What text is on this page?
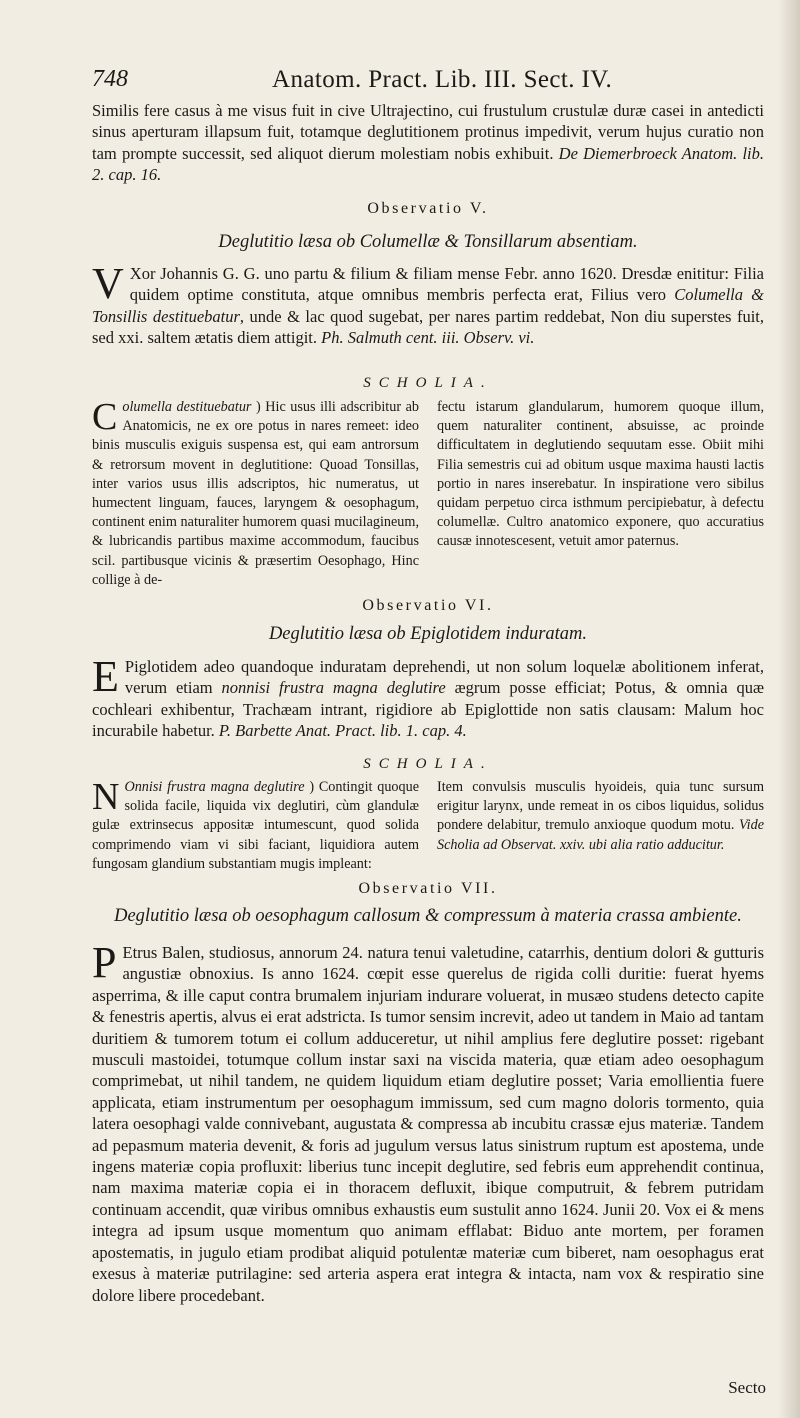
748	Anatom. Pract. Lib. III. Sect. IV.

Similis fere casus à me visus fuit in cive Ultrajectino, cui frustulum crustulæ duræ casei in antedicti sinus aperturam illapsum fuit, totamque deglutitionem protinus impedivit, verum hujus curatio non tam prompte successit, sed aliquot dierum molestiam nobis exhibuit. De Diemerbroeck Anatom. lib. 2. cap. 16.

Observatio V.
Deglutitio læsa ob Columellæ & Tonsillarum absentiam.

V Xor Johannis G. G. uno partu & filium & filiam mense Febr. anno 1620. Dresdæ enititur: Filia quidem optime constituta, atque omnibus membris perfecta erat, Filius vero Columella & Tonsillis destituebatur, unde & lac quod sugebat, per nares partim reddebat, Non diu superstes fuit, sed xxi. saltem ætatis diem attigit. Ph. Salmuth cent. iii. Observ. vi.

SCHOLIA.

Columella destituebatur ) Hic usus illi adscribitur ab Anatomicis, ne ex ore potus in nares remeet: ideo binis musculis exiguis suspensa est, qui eam antrorsum & retrorsum movent in deglutitione: Quoad Tonsillas, inter varios usus illis adscriptos, hic numeratus, ut humectent linguam, fauces, laryngem & oesophagum, continent enim naturaliter humorem quasi mucilagineum, & lubricandis partibus maxime accommodum, faucibus scil. partibusque vicinis & præsertim Oesophago, Hinc collige à de-

fectu istarum glandularum, humorem quoque illum, quem naturaliter continent, absuisse, ac proinde difficultatem in deglutiendo sequutam esse. Obiit mihi Filia semestris cui ad obitum usque maxima hausti lactis portio in nares inserebatur. In inspiratione vero sibilus quidam perpetuo circa isthmum percipiebatur, à defectu columellæ. Cultro anatomico exponere, quo accuratius causæ innotescesent, vetuit amor paternus.

Observatio VI.
Deglutitio læsa ob Epiglotidem induratam.

E Piglotidem adeo quandoque induratam deprehendi, ut non solum loquelæ abolitionem inferat, verum etiam nonnisi frustra magna deglutire ægrum posse efficiat; Potus, & omnia quæ cochleari exhibentur, Trachæam intrant, rigidiore ab Epiglottide non satis clausam: Malum hoc incurabile habetur. P. Barbette Anat. Pract. lib. 1. cap. 4.

SCHOLIA.

N Onnisi frustra magna deglutire ) Contingit quoque solida facile, liquida vix deglutiri, cùm glandulæ gulæ extrinsecus appositæ intumescunt, quod solida comprimendo viam vi sibi faciant, liquidiora autem fungosam glandium substantiam mugis impleant:

Item convulsis musculis hyoideis, quia tunc sursum erigitur larynx, unde remeat in os cibos liquidus, solidus pondere delabitur, tremulo anxioque quodum motu. Vide Scholia ad Observat. xxiv. ubi alia ratio adducitur.

Observatio VII.
Deglutitio læsa ob oesophagum callosum & compressum à materia crassa ambiente.

P Etrus Balen, studiosus, annorum 24. natura tenui valetudine, catarrhis, dentium dolori & gutturis angustiæ obnoxius. Is anno 1624. cœpit esse querelus de rigida colli duritie: fuerat hyems asperrima, & ille caput contra brumalem injuriam indurare voluerat, in musæo studens detecto capite & fenestris apertis, alvus ei erat adstricta. Is tumor sensim increvit, adeo ut tandem in Maio ad tantam duritiem & tumorem totum ei collum adduceretur, ut nihil amplius fere deglutire posset: rigebant musculi mastoidei, totumque collum instar saxi na viscida materia, quæ etiam adeo oesophagum comprimebat, ut nihil tandem, ne quidem liquidum etiam deglutire posset; Varia emollientia fuere applicata, etiam instrumentum per oesophagum immissum, sed cum magno doloris tormento, quia latera oesophagi valde connivebant, augustata & compressa ab incubitu crassæ ejus materiæ. Tandem ad pepasmum materia devenit, & foris ad jugulum versus latus sinistrum ruptum est apostema, unde ingens materiæ copia profluxit: liberius tunc incepit deglutire, sed febris eum apprehendit continua, nam maxima materiæ copia ei in thoracem defluxit, ibique computruit, & febrem putridam continuam accendit, quæ viribus omnibus exhaustis eum sustulit anno 1624. Junii 20. Vox ei & mens integra ad ipsum usque momentum quo animam efflabat: Biduo ante mortem, per foramen apostematis, in jugulo etiam prodibat aliquid potulentæ materiæ cum biberet, nam oesophagus erat exesus à materiæ putrilagine: sed arteria aspera erat integra & intacta, nam vox & respiratio sine dolore libere procedebant.

Secto
